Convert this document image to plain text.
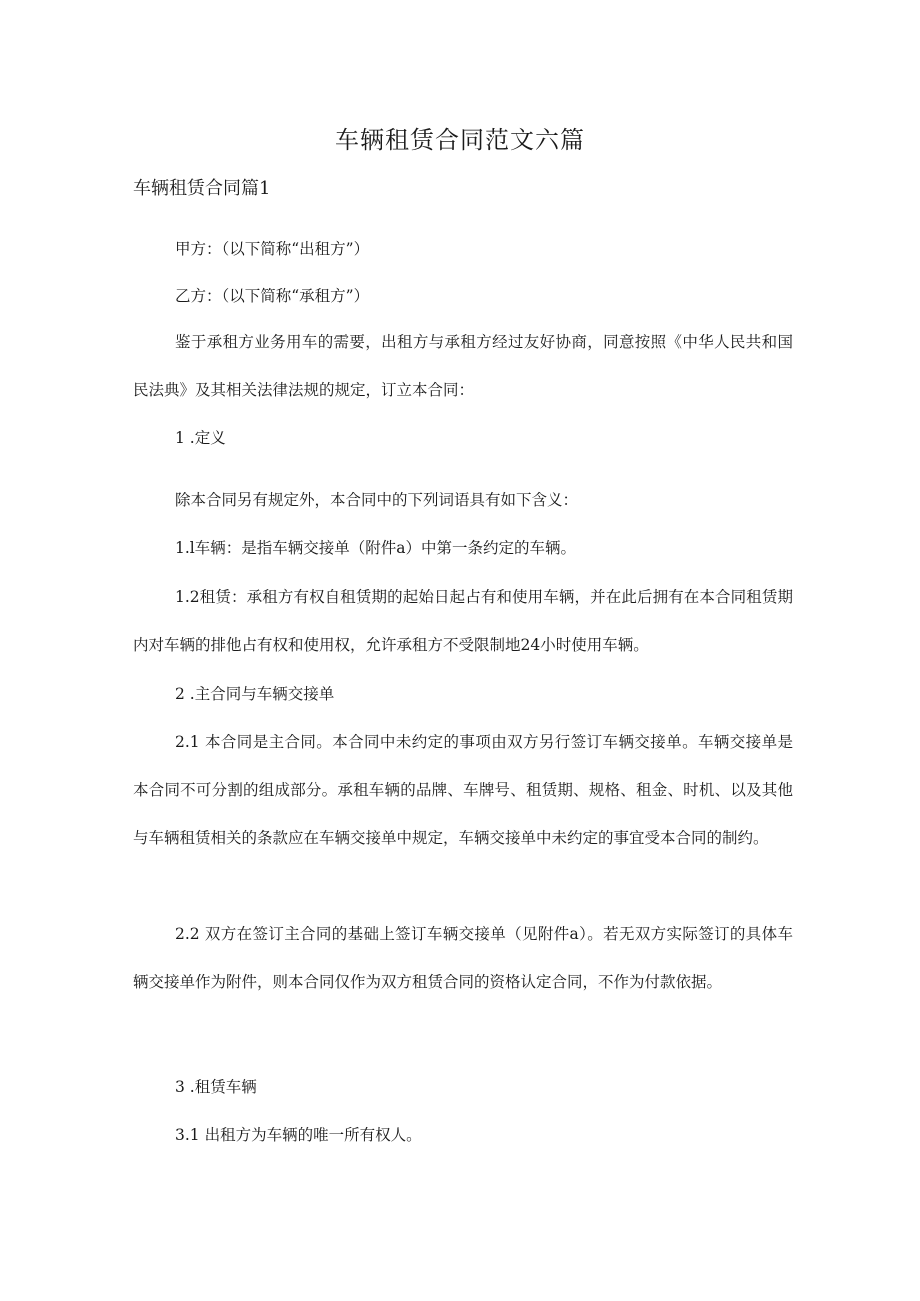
车辆租赁合同范文六篇
车辆租赁合同篇1

甲方：（以下简称“出租方”）

乙方：（以下简称“承租方”）

鉴于承租方业务用车的需要，出租方与承租方经过友好协商，同意按照《中华人民共和国民法典》及其相关法律法规的规定，订立本合同：

1 .定义

除本合同另有规定外，本合同中的下列词语具有如下含义：

1.l车辆：是指车辆交接单（附件a）中第一条约定的车辆。

1.2租赁：承租方有权自租赁期的起始日起占有和使用车辆，并在此后拥有在本合同租赁期内对车辆的排他占有权和使用权，允许承租方不受限制地24小时使用车辆。

2 .主合同与车辆交接单

2.1 本合同是主合同。本合同中未约定的事项由双方另行签订车辆交接单。车辆交接单是本合同不可分割的组成部分。承租车辆的品牌、车牌号、租赁期、规格、租金、时机、以及其他与车辆租赁相关的条款应在车辆交接单中规定，车辆交接单中未约定的事宜受本合同的制约。

2.2 双方在签订主合同的基础上签订车辆交接单（见附件a）。若无双方实际签订的具体车辆交接单作为附件，则本合同仅作为双方租赁合同的资格认定合同，不作为付款依据。

3 .租赁车辆

3.1 出租方为车辆的唯一所有权人。
